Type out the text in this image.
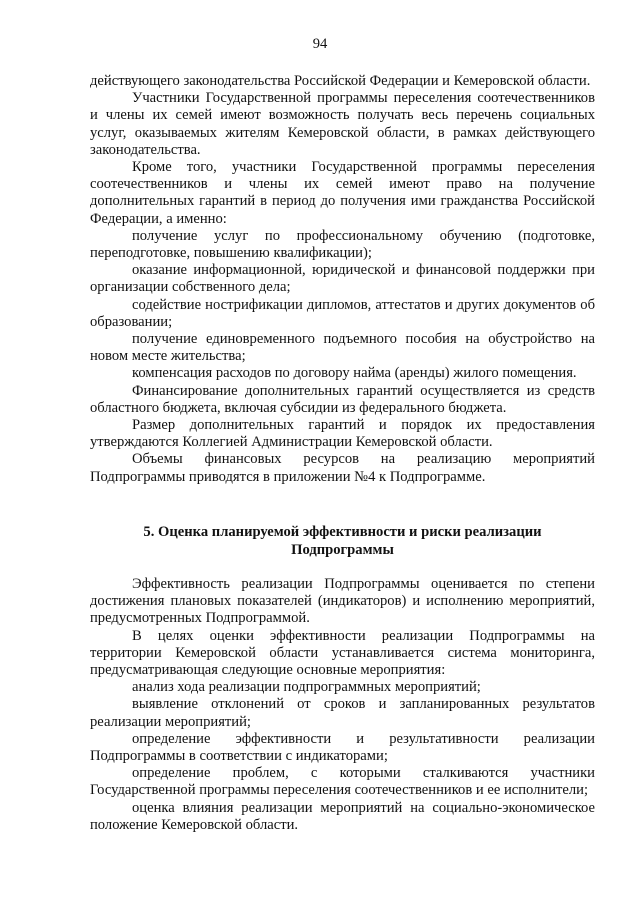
94

действующего законодательства Российской Федерации и Кемеровской области.

Участники Государственной программы переселения соотечественников и члены их семей имеют возможность получать весь перечень социальных услуг, оказываемых жителям Кемеровской области, в рамках действующего законодательства.

Кроме того, участники Государственной программы переселения соотечественников и члены их семей имеют право на получение дополнительных гарантий в период до получения ими гражданства Российской Федерации, а именно:

получение услуг по профессиональному обучению (подготовке, переподготовке, повышению квалификации);

оказание информационной, юридической и финансовой поддержки при организации собственного дела;

содействие нострификации дипломов, аттестатов и других документов об образовании;

получение единовременного подъемного пособия на обустройство на новом месте жительства;

компенсация расходов по договору найма (аренды) жилого помещения.

Финансирование дополнительных гарантий осуществляется из средств областного бюджета, включая субсидии из федерального бюджета.

Размер дополнительных гарантий и порядок их предоставления утверждаются Коллегией Администрации Кемеровской области.

Объемы финансовых ресурсов на реализацию мероприятий Подпрограммы приводятся в приложении №4 к Подпрограмме.

5. Оценка планируемой эффективности и риски реализации
Подпрограммы

Эффективность реализации Подпрограммы оценивается по степени достижения плановых показателей (индикаторов) и исполнению мероприятий, предусмотренных Подпрограммой.

В целях оценки эффективности реализации Подпрограммы на территории Кемеровской области устанавливается система мониторинга, предусматривающая следующие основные мероприятия:

анализ хода реализации подпрограммных мероприятий;

выявление отклонений от сроков и запланированных результатов реализации мероприятий;

определение эффективности и результативности реализации Подпрограммы в соответствии с индикаторами;

определение проблем, с которыми сталкиваются участники Государственной программы переселения соотечественников и ее исполнители;

оценка влияния реализации мероприятий на социально-экономическое положение Кемеровской области.
